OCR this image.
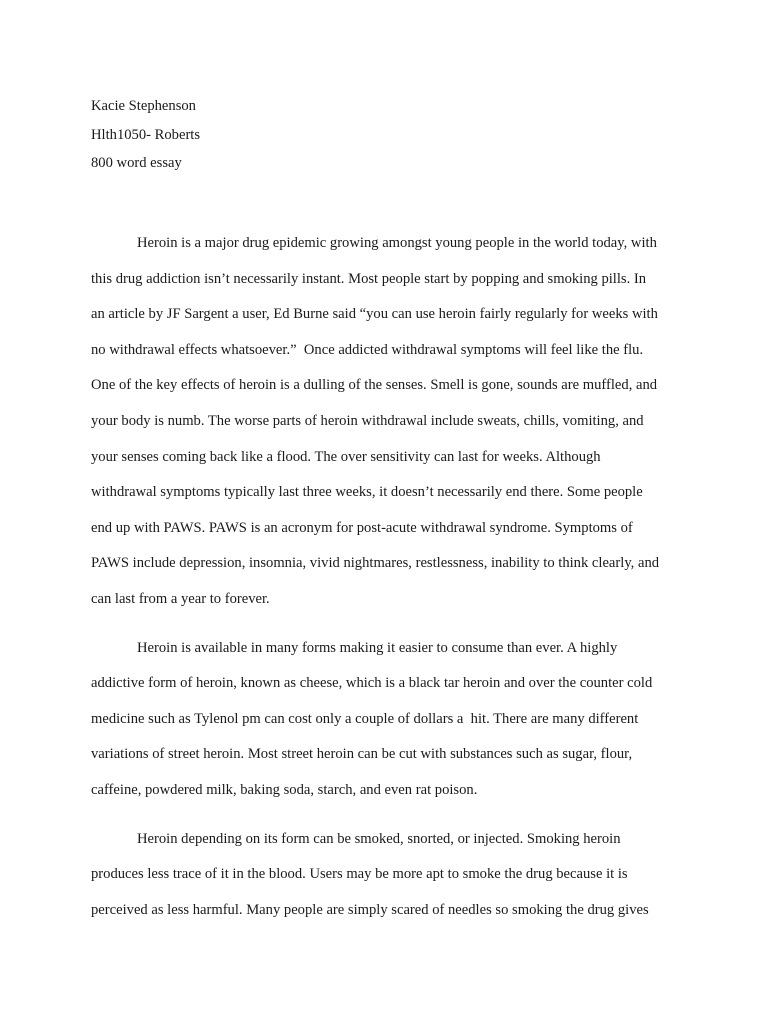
Kacie Stephenson
Hlth1050- Roberts
800 word essay
Heroin is a major drug epidemic growing amongst young people in the world today, with
this drug addiction isn’t necessarily instant. Most people start by popping and smoking pills. In
an article by JF Sargent a user, Ed Burne said “you can use heroin fairly regularly for weeks with
no withdrawal effects whatsoever.”  Once addicted withdrawal symptoms will feel like the flu.
One of the key effects of heroin is a dulling of the senses. Smell is gone, sounds are muffled, and
your body is numb. The worse parts of heroin withdrawal include sweats, chills, vomiting, and
your senses coming back like a flood. The over sensitivity can last for weeks. Although
withdrawal symptoms typically last three weeks, it doesn’t necessarily end there. Some people
end up with PAWS. PAWS is an acronym for post-acute withdrawal syndrome. Symptoms of
PAWS include depression, insomnia, vivid nightmares, restlessness, inability to think clearly, and
can last from a year to forever.
Heroin is available in many forms making it easier to consume than ever. A highly
addictive form of heroin, known as cheese, which is a black tar heroin and over the counter cold
medicine such as Tylenol pm can cost only a couple of dollars a  hit. There are many different
variations of street heroin. Most street heroin can be cut with substances such as sugar, flour,
caffeine, powdered milk, baking soda, starch, and even rat poison.
Heroin depending on its form can be smoked, snorted, or injected. Smoking heroin
produces less trace of it in the blood. Users may be more apt to smoke the drug because it is
perceived as less harmful. Many people are simply scared of needles so smoking the drug gives
